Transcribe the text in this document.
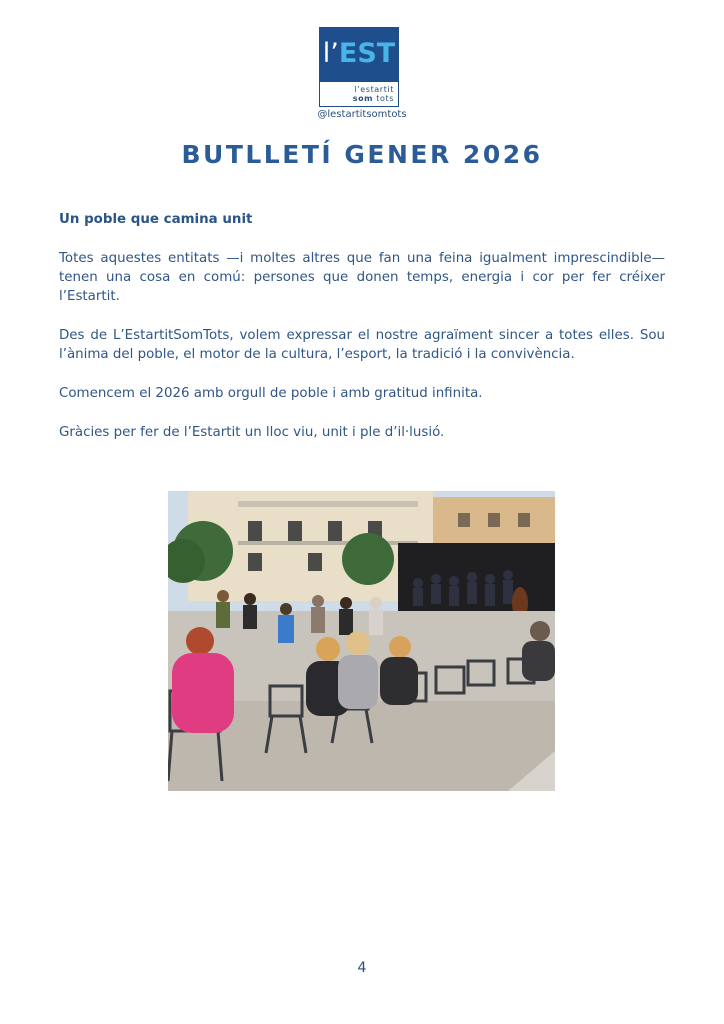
l’EST
l’estartit
som tots
@lestartitsomtots
BUTLLETÍ GENER 2026
Un poble que camina unit

Totes aquestes entitats —i moltes altres que fan una feina igualment imprescindible— tenen una cosa en comú: persones que donen temps, energia i cor per fer créixer l’Estartit.

Des de L’EstartitSomTots, volem expressar el nostre agraïment sincer a totes elles. Sou l’ànima del poble, el motor de la cultura, l’esport, la tradició i la convivència.

Comencem el 2026 amb orgull de poble i amb gratitud infinita.

Gràcies per fer de l’Estartit un lloc viu, unit i ple d’il·lusió.

4
